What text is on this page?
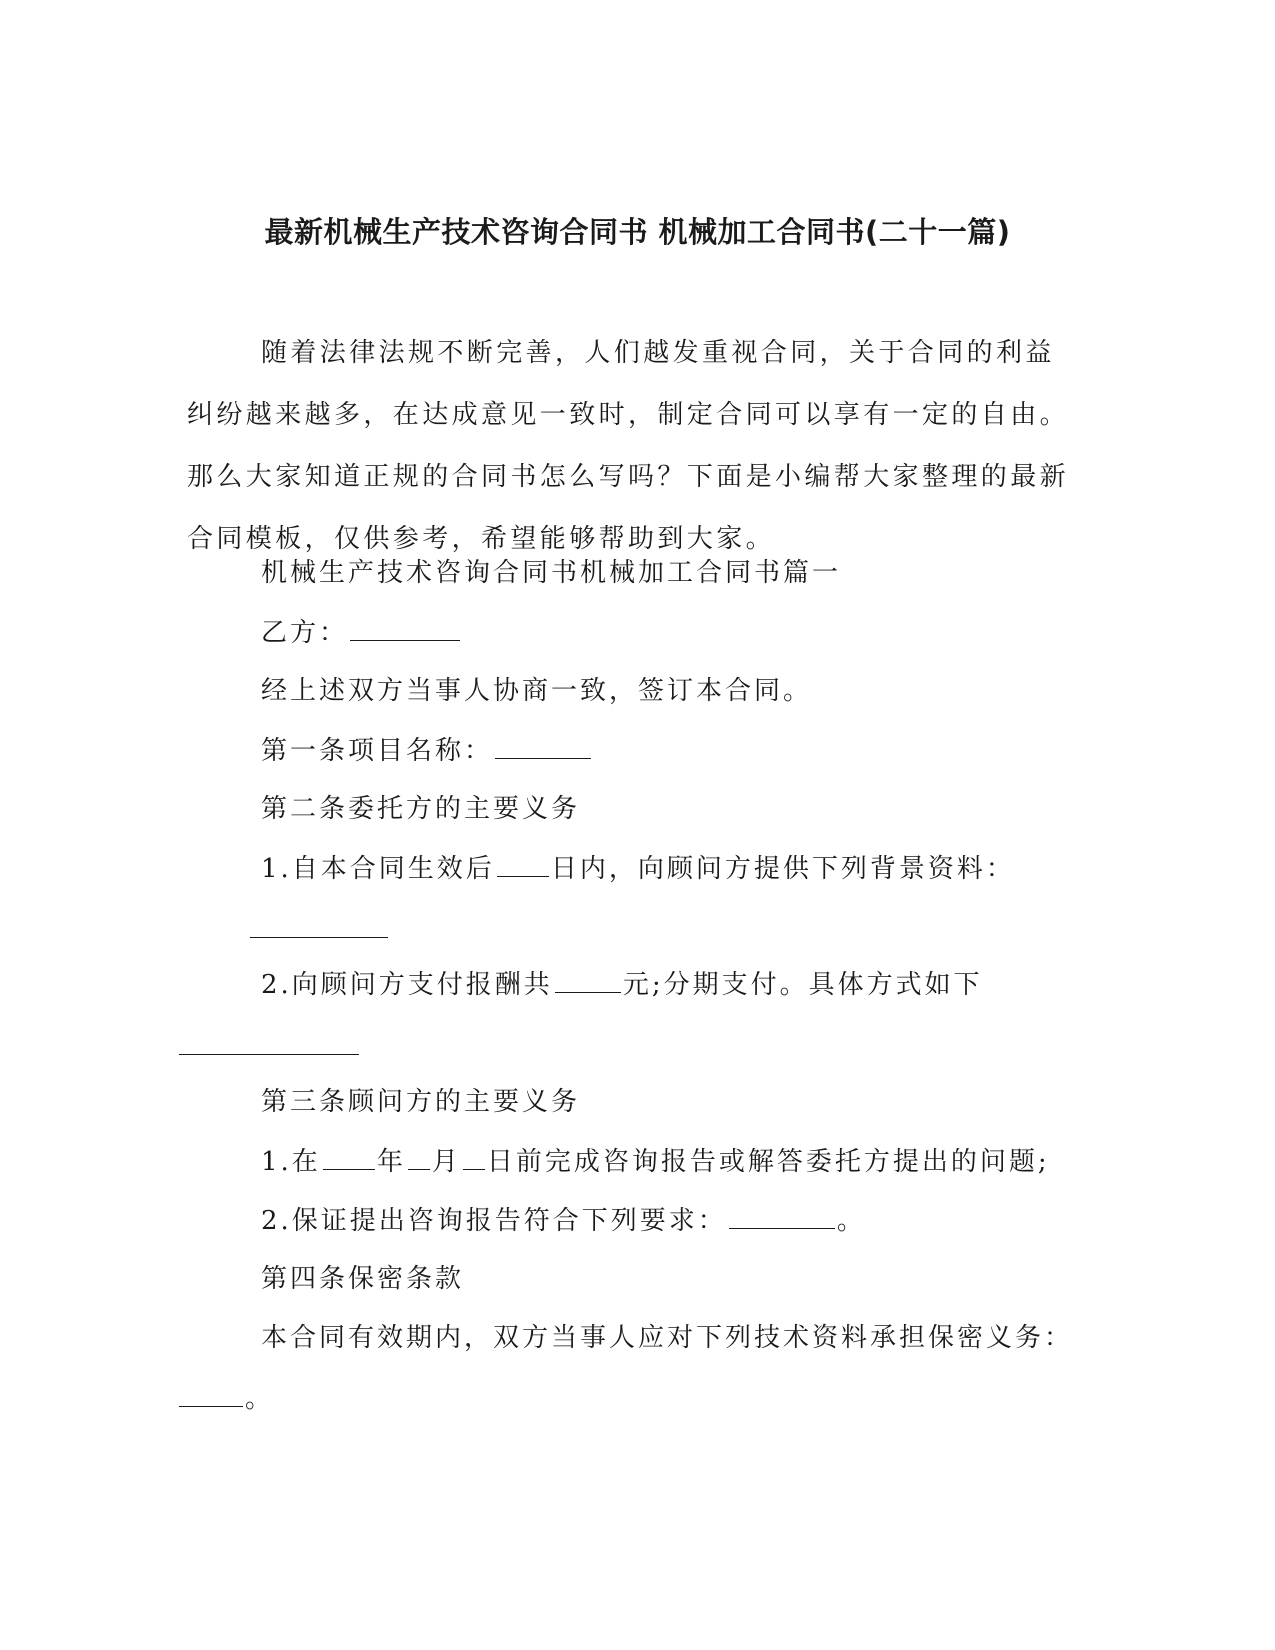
最新机械生产技术咨询合同书 机械加工合同书(二十一篇)

随着法律法规不断完善，人们越发重视合同，关于合同的利益纠纷越来越多，在达成意见一致时，制定合同可以享有一定的自由。那么大家知道正规的合同书怎么写吗？下面是小编帮大家整理的最新合同模板，仅供参考，希望能够帮助到大家。

机械生产技术咨询合同书机械加工合同书篇一

乙方：

经上述双方当事人协商一致，签订本合同。

第一条项目名称：

第二条委托方的主要义务

1.自本合同生效后 日内，向顾问方提供下列背景资料：

2.向顾问方支付报酬共	元;分期支付。具体方式如下

第三条顾问方的主要义务

1.在 年 月 日前完成咨询报告或解答委托方提出的问题;

2.保证提出咨询报告符合下列要求：	。

第四条保密条款

本合同有效期内，双方当事人应对下列技术资料承担保密义务：

。
